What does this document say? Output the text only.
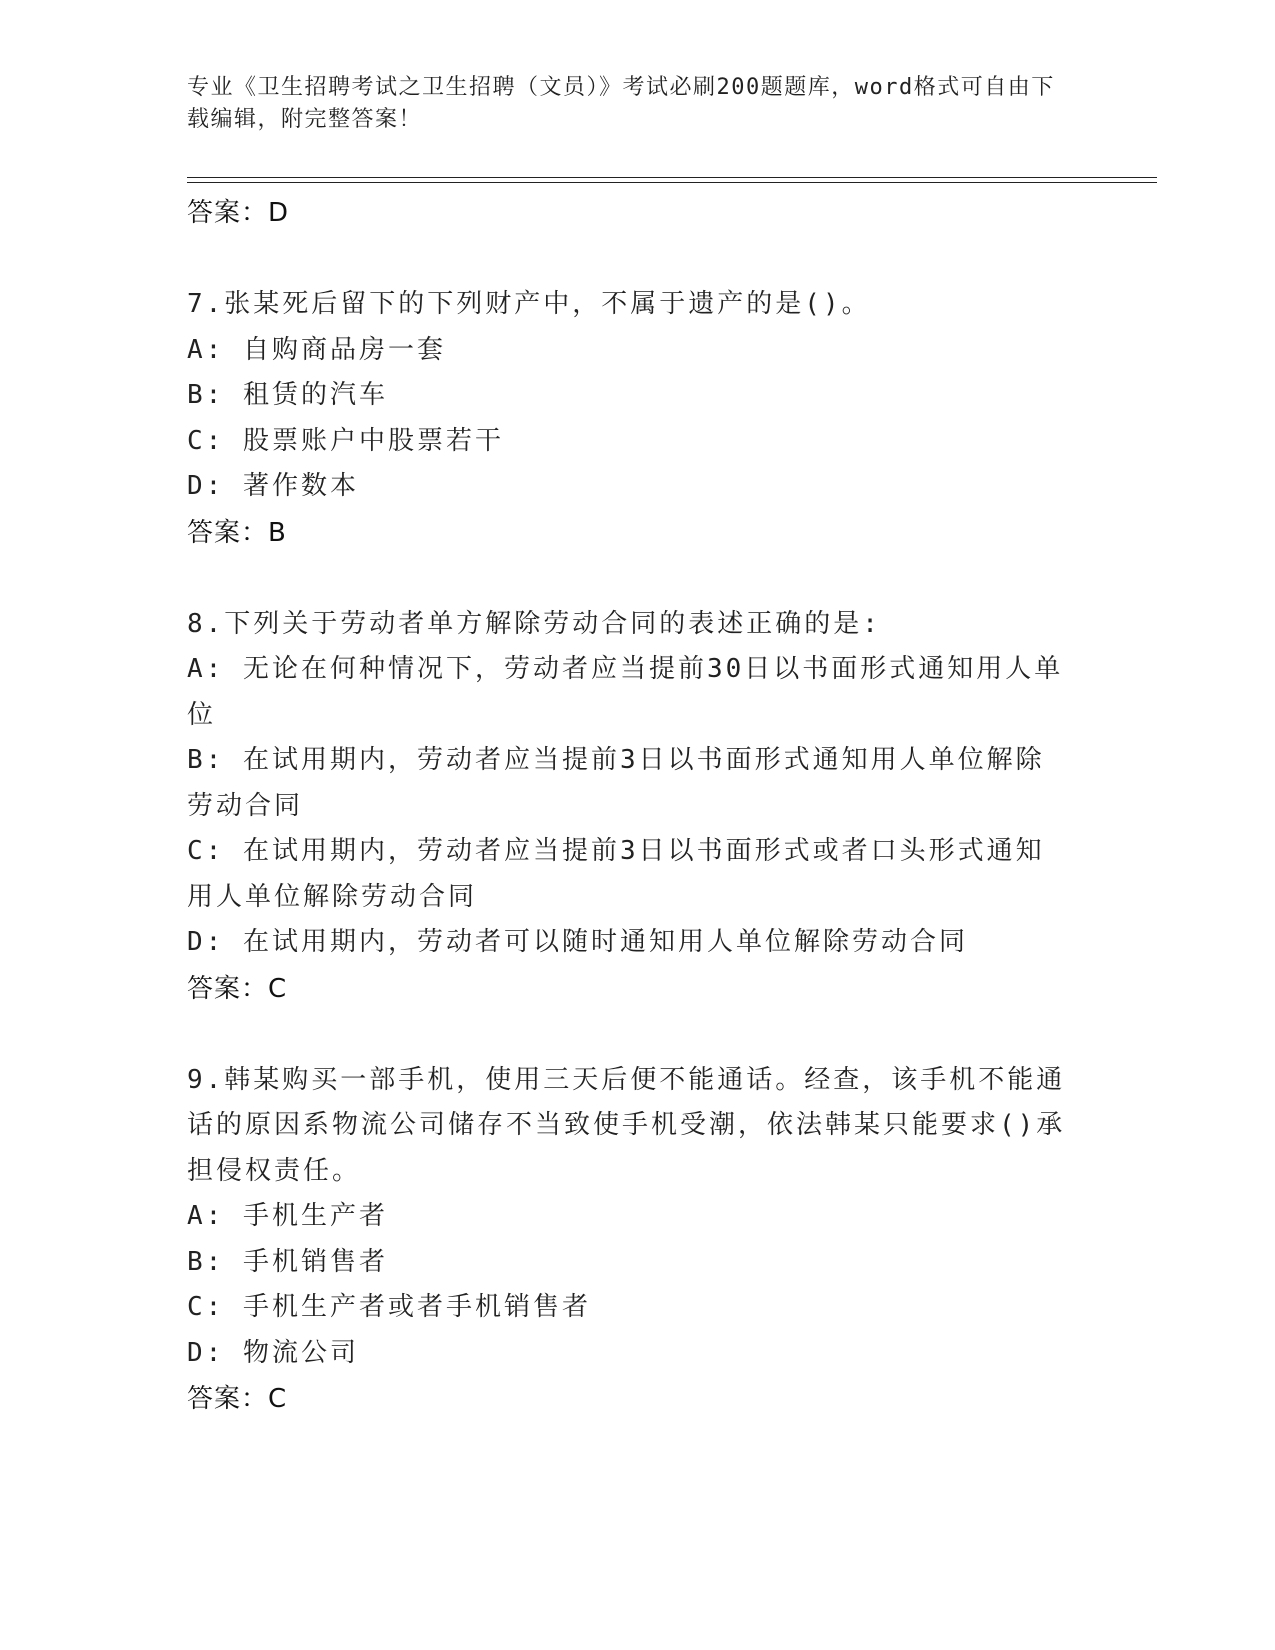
专业《卫生招聘考试之卫生招聘（文员）》考试必刷200题题库，word格式可自由下载编辑，附完整答案！
答案：D
7.张某死后留下的下列财产中，不属于遗产的是()。
A: 自购商品房一套
B: 租赁的汽车
C: 股票账户中股票若干
D: 著作数本
答案：B
8.下列关于劳动者单方解除劳动合同的表述正确的是:
A: 无论在何种情况下，劳动者应当提前30日以书面形式通知用人单位
B: 在试用期内，劳动者应当提前3日以书面形式通知用人单位解除劳动合同
C: 在试用期内，劳动者应当提前3日以书面形式或者口头形式通知用人单位解除劳动合同
D: 在试用期内，劳动者可以随时通知用人单位解除劳动合同
答案：C
9.韩某购买一部手机，使用三天后便不能通话。经查，该手机不能通话的原因系物流公司储存不当致使手机受潮，依法韩某只能要求()承担侵权责任。
A: 手机生产者
B: 手机销售者
C: 手机生产者或者手机销售者
D: 物流公司
答案：C
